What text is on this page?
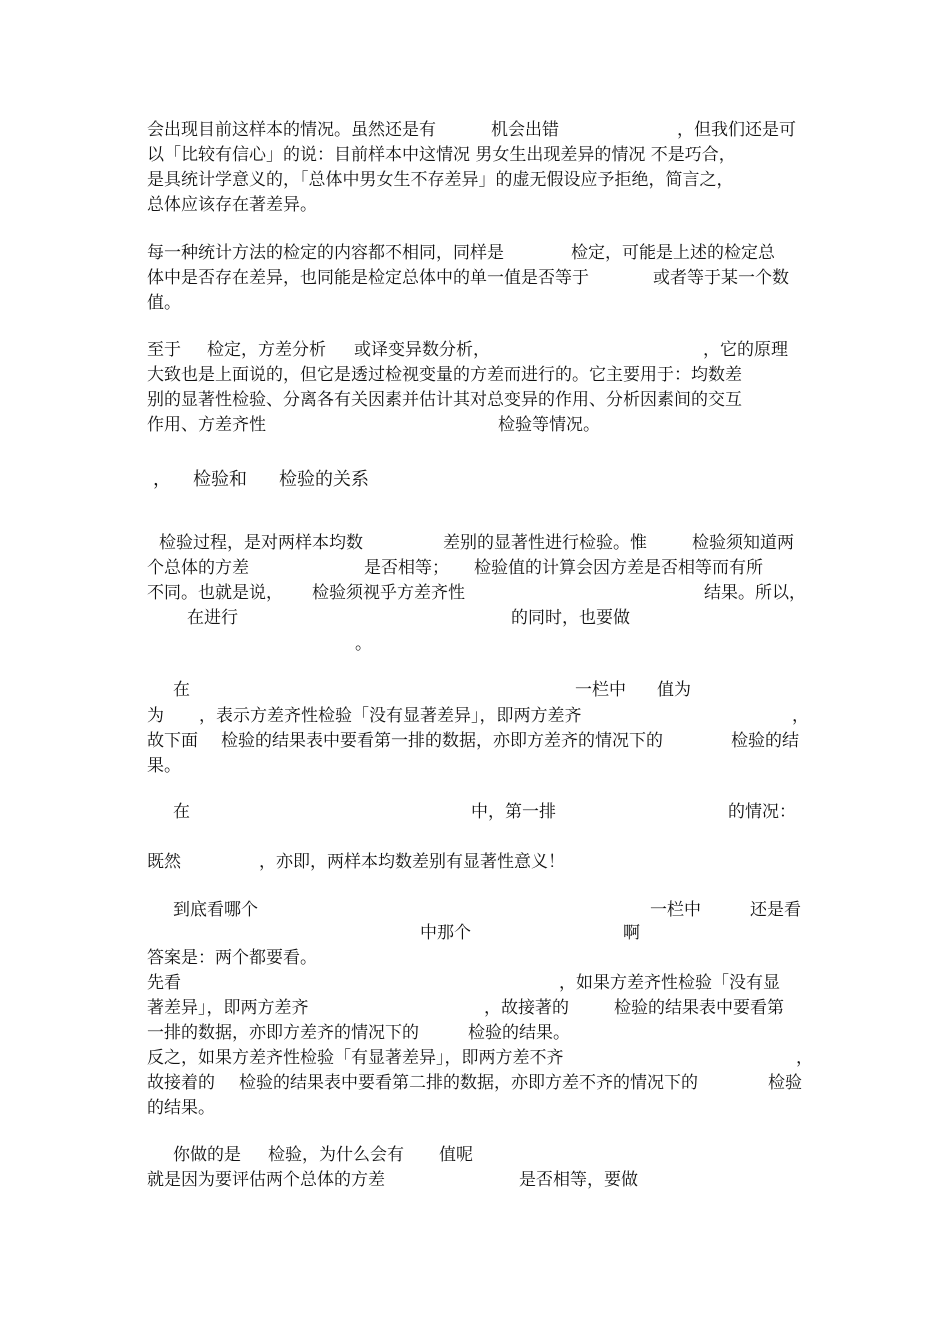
会出现目前这样本的情况。虽然还是有	机会出错	，但我们还是可
以「比较有信心」的说：目前样本中这情况 男女生出现差异的情况 不是巧合，
是具统计学意义的，「总体中男女生不存差异」的虚无假设应予拒绝，简言之，
总体应该存在著差异。
每一种统计方法的检定的内容都不相同，同样是	检定，可能是上述的检定总
体中是否存在差异，也同能是检定总体中的单一值是否等于	或者等于某一个数
值。
至于 检定，方差分析 或译变异数分析，	，它的原理
大致也是上面说的，但它是透过检视变量的方差而进行的。它主要用于：均数差
别的显著性检验、分离各有关因素并估计其对总变异的作用、分析因素间的交互
作用、方差齐性	检验等情况。
， 检验和 检验的关系
检验过程，是对两样本均数	差别的显著性进行检验。惟	检验须知道两
个总体的方差	是否相等； 检验值的计算会因方差是否相等而有所
不同。也就是说， 检验须视乎方差齐性	结果。所以，
在进行	的同时，也要做
。
在	一栏中 值为
为 ，表示方差齐性检验「没有显著差异」，即两方差齐	，
故下面 检验的结果表中要看第一排的数据，亦即方差齐的情况下的	检验的结
果。
在	中，第一排	的情况：
既然	，亦即，两样本均数差别有显著性意义！
到底看哪个	一栏中	还是看
中那个	啊
答案是：两个都要看。
先看	，如果方差齐性检验「没有显
著差异」，即两方差齐	，故接著的	检验的结果表中要看第
一排的数据，亦即方差齐的情况下的	检验的结果。
反之，如果方差齐性检验「有显著差异」，即两方差不齐	，
故接着的 检验的结果表中要看第二排的数据，亦即方差不齐的情况下的	检验
的结果。
你做的是 检验，为什么会有 值呢
就是因为要评估两个总体的方差	是否相等，要做
